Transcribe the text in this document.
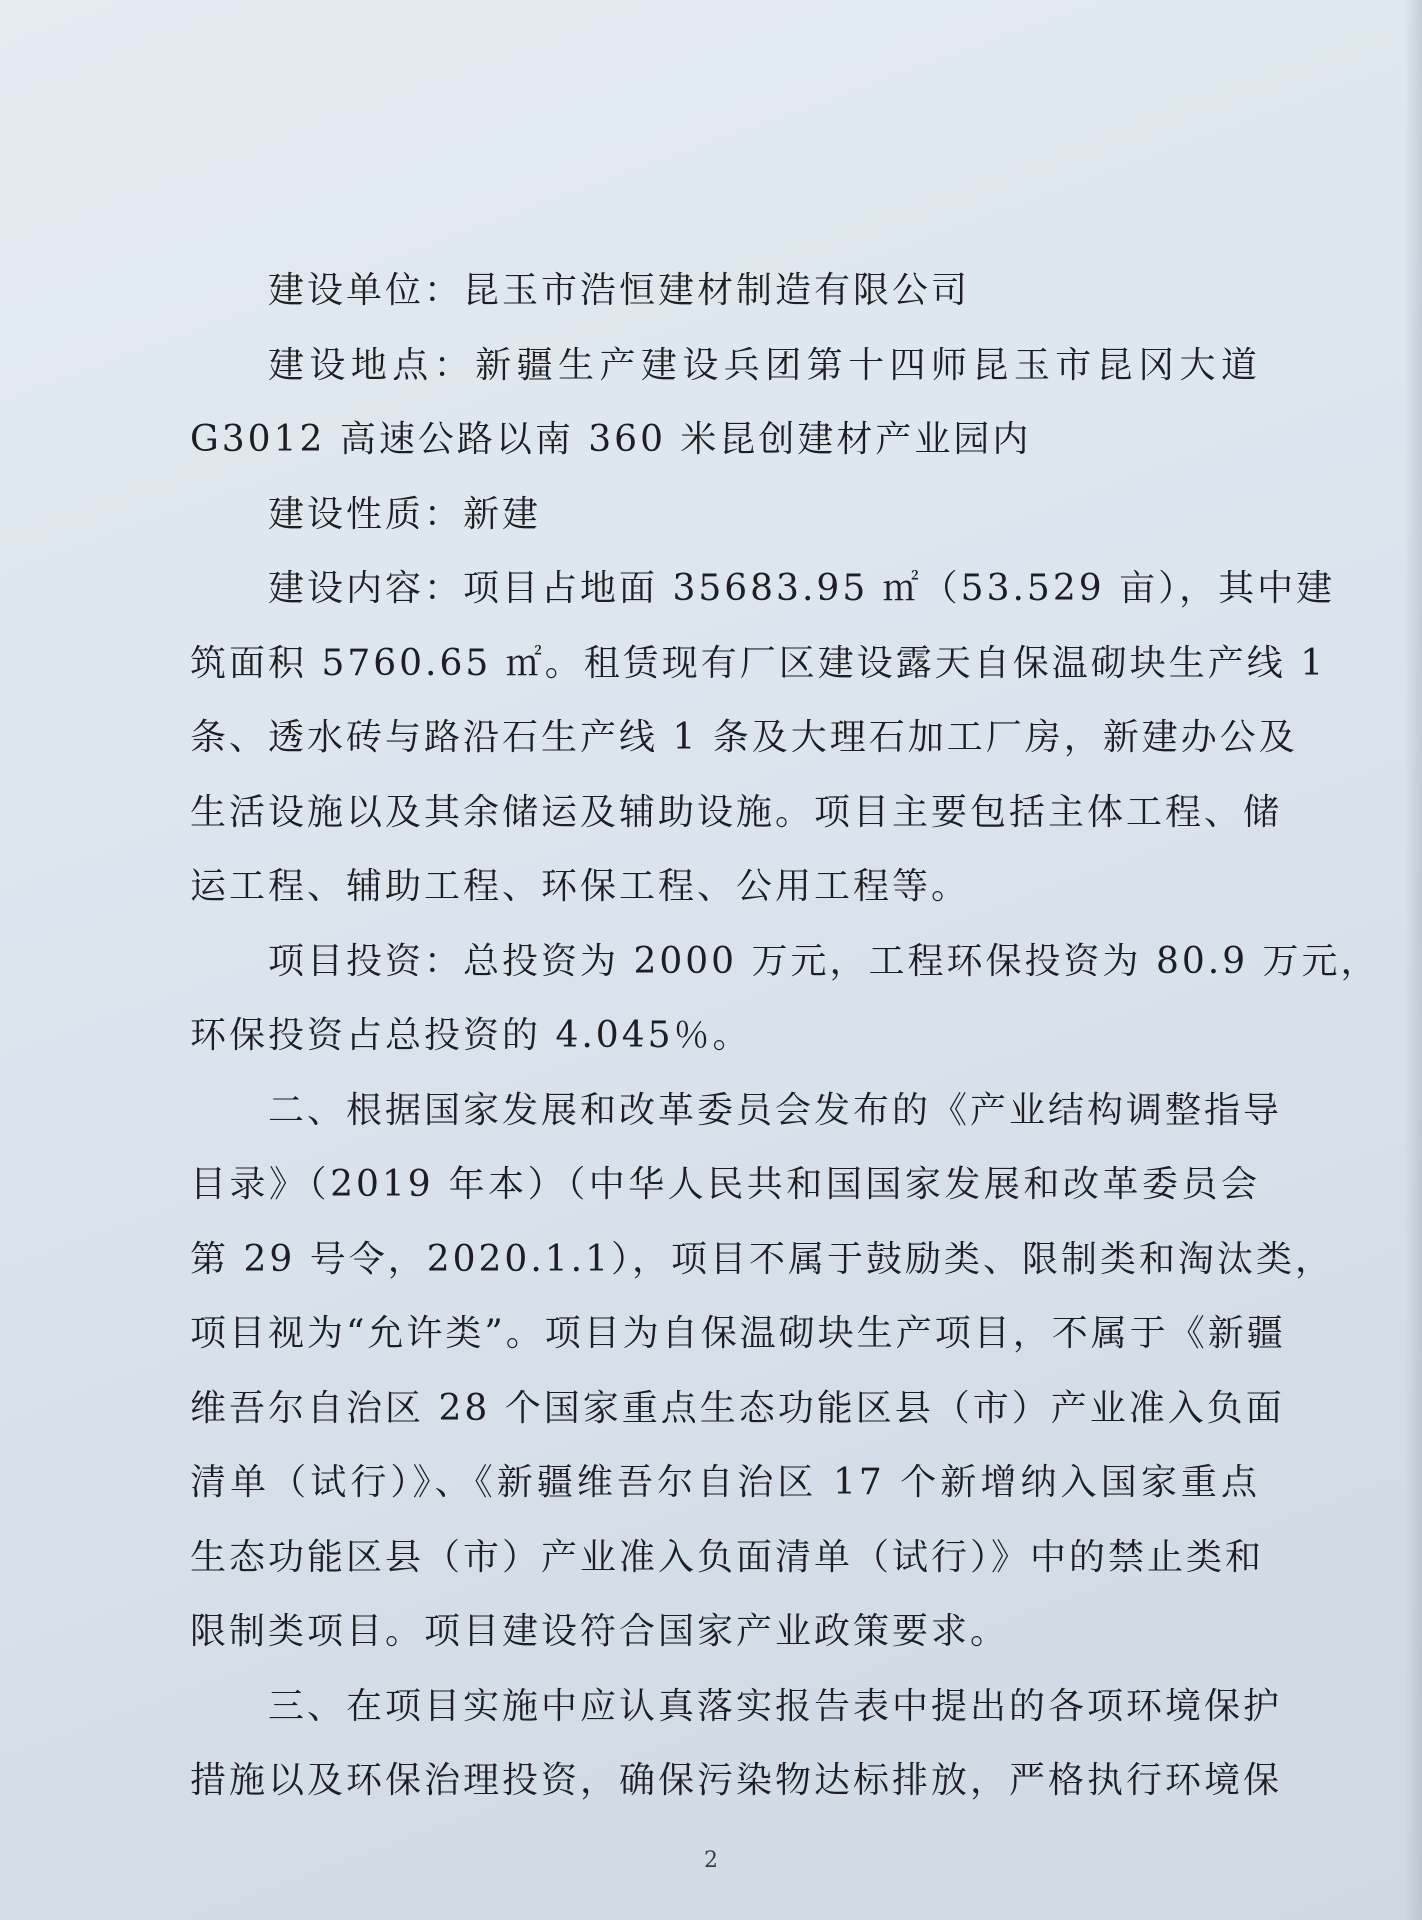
建设单位：昆玉市浩恒建材制造有限公司
建设地点：新疆生产建设兵团第十四师昆玉市昆冈大道
G3012 高速公路以南 360 米昆创建材产业园内
建设性质：新建
建设内容：项目占地面 35683.95 ㎡（53.529 亩），其中建
筑面积 5760.65 ㎡。租赁现有厂区建设露天自保温砌块生产线 1
条、透水砖与路沿石生产线 1 条及大理石加工厂房，新建办公及
生活设施以及其余储运及辅助设施。项目主要包括主体工程、储
运工程、辅助工程、环保工程、公用工程等。
项目投资：总投资为 2000 万元，工程环保投资为 80.9 万元，
环保投资占总投资的 4.045％。
二、根据国家发展和改革委员会发布的《产业结构调整指导
目录》（2019 年本）（中华人民共和国国家发展和改革委员会
第 29 号令，2020.1.1），项目不属于鼓励类、限制类和淘汰类，
项目视为“允许类”。项目为自保温砌块生产项目，不属于《新疆
维吾尔自治区 28 个国家重点生态功能区县（市）产业准入负面
清单（试行）》、《新疆维吾尔自治区 17 个新增纳入国家重点
生态功能区县（市）产业准入负面清单（试行）》中的禁止类和
限制类项目。项目建设符合国家产业政策要求。
三、在项目实施中应认真落实报告表中提出的各项环境保护
措施以及环保治理投资，确保污染物达标排放，严格执行环境保
2
